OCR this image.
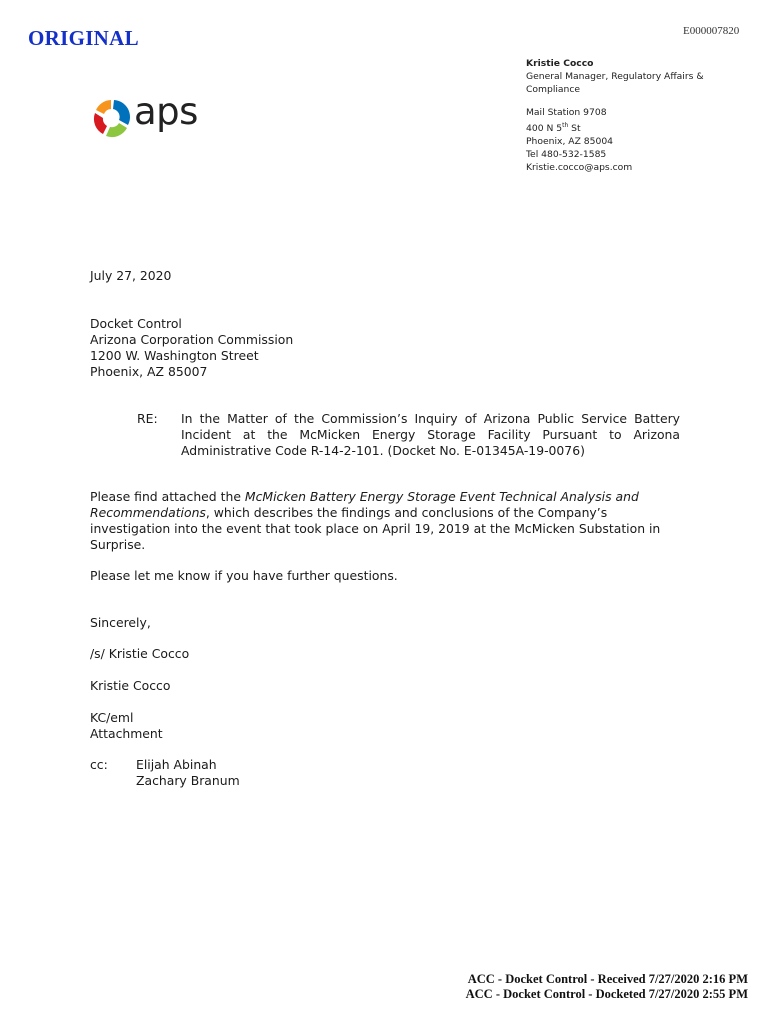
ORIGINAL	E000007820
aps
Kristie Cocco
General Manager, Regulatory Affairs &
Compliance
Mail Station 9708
400 N 5th St
Phoenix, AZ 85004
Tel 480-532-1585
Kristie.cocco@aps.com
July 27, 2020
Docket Control
Arizona Corporation Commission
1200 W. Washington Street
Phoenix, AZ 85007
RE: In the Matter of the Commission’s Inquiry of Arizona Public Service Battery
Incident at the McMicken Energy Storage Facility Pursuant to Arizona
Administrative Code R-14-2-101. (Docket No. E-01345A-19-0076)
Please find attached the McMicken Battery Energy Storage Event Technical Analysis and
Recommendations, which describes the findings and conclusions of the Company’s
investigation into the event that took place on April 19, 2019 at the McMicken Substation in
Surprise.
Please let me know if you have further questions.
Sincerely,
/s/ Kristie Cocco
Kristie Cocco
KC/eml
Attachment
cc: Elijah Abinah
Zachary Branum
ACC - Docket Control - Received 7/27/2020 2:16 PM
ACC - Docket Control - Docketed 7/27/2020 2:55 PM
